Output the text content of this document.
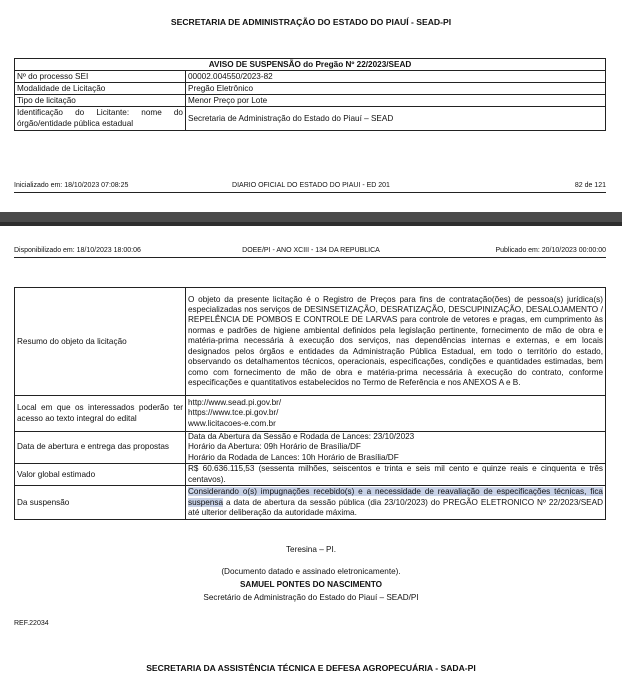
SECRETARIA DE ADMINISTRAÇÃO DO ESTADO DO PIAUÍ - SEAD-PI
AVISO DE SUSPENSÃO do Pregão Nº 22/2023/SEAD	
Nº do processo SEI	00002.004550/2023-82
Modalidade de Licitação	Pregão Eletrônico
Tipo de licitação	Menor Preço por Lote
Identificação do Licitante: nome do órgão/entidade pública estadual	Secretaria de Administração do Estado do Piauí – SEAD
Inicializado em: 18/10/2023 07:08:25	DIARIO OFICIAL DO ESTADO DO PIAUI - ED 201	82 de 121
Disponibilizado em: 18/10/2023 18:00:06	DOEE/PI - ANO XCIII - 134 DA REPUBLICA	Publicado em: 20/10/2023 00:00:00
Resumo do objeto da licitação	O objeto da presente licitação é o Registro de Preços para fins de contratação(ões) de pessoa(s) jurídica(s) especializadas nos serviços de DESINSETIZAÇÃO, DESRATIZAÇÃO, DESCUPINIZAÇÃO, DESALOJAMENTO / REPELÊNCIA DE POMBOS E CONTROLE DE LARVAS para controle de vetores e pragas, em cumprimento às normas e padrões de higiene ambiental definidos pela legislação pertinente, fornecimento de mão de obra e matéria-prima necessária à execução dos serviços, nas dependências internas e externas, e em locais designados pelos órgãos e entidades da Administração Pública Estadual, em todo o território do estado, observando os detalhamentos técnicos, operacionais, especificações, condições e quantidades estimadas, bem como com fornecimento de mão de obra e matéria-prima necessária à execução do contrato, conforme especificações e quantitativos estabelecidos no Termo de Referência e nos ANEXOS A e B.
Local em que os interessados poderão ter acesso ao texto integral do edital	http://www.sead.pi.gov.br/
https://www.tce.pi.gov.br/
www.licitacoes-e.com.br

Data de abertura e entrega das propostas	Data da Abertura da Sessão e Rodada de Lances: 23/10/2023
Horário da Abertura: 09h Horário de Brasília/DF
Horário da Rodada de Lances: 10h Horário de Brasília/DF

Valor global estimado	R$ 60.636.115,53 (sessenta milhões, seiscentos e trinta e seis mil cento e quinze reais e cinquenta e três centavos).
Da suspensão	Considerando o(s) impugnações recebido(s) e a necessidade de reavaliação de especificações técnicas, fica suspensa a data de abertura da sessão pública (dia 23/10/2023) do PREGÃO ELETRONICO Nº 22/2023/SEAD até ulterior deliberação da autoridade máxima.
Teresina – PI.
(Documento datado e assinado eletronicamente).
SAMUEL PONTES DO NASCIMENTO
Secretário de Administração do Estado do Piauí – SEAD/PI
REF.22034
SECRETARIA DA ASSISTÊNCIA TÉCNICA E DEFESA AGROPECUÁRIA - SADA-PI
